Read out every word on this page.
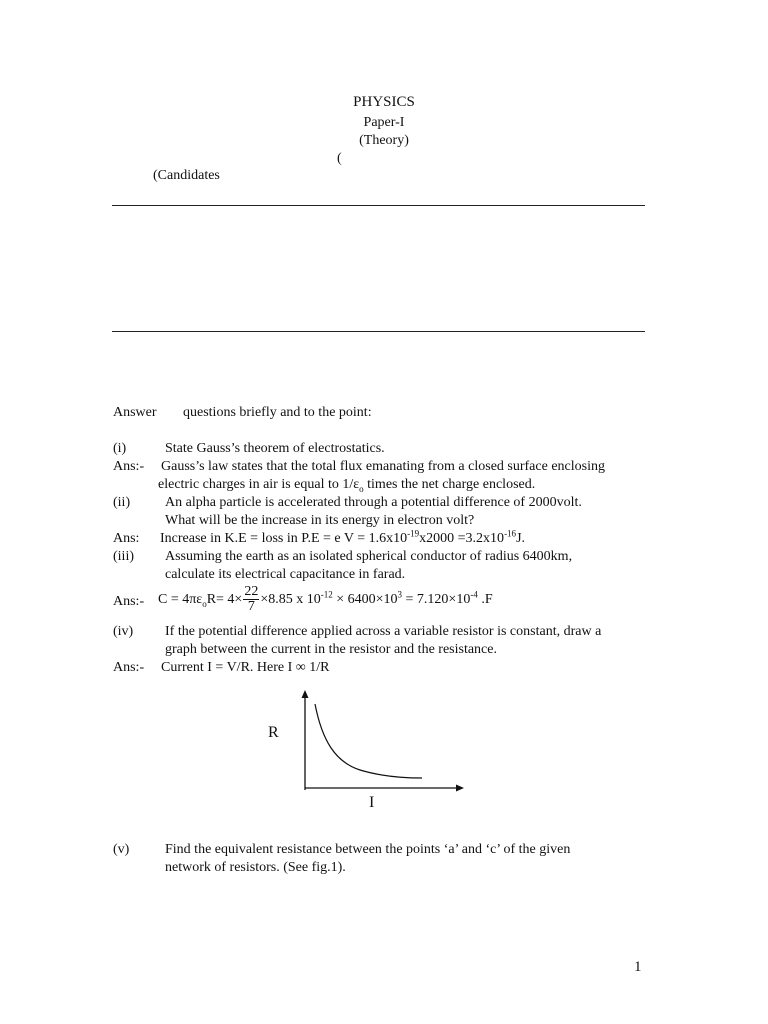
PHYSICS
Paper-I
(Theory)
(
(Candidates
Answer questions briefly and to the point:
(i)	State Gauss’s theorem of electrostatics.
Ans:- Gauss’s law states that the total flux emanating from a closed surface enclosing
electric charges in air is equal to $1/\varepsilon_o$ times the net charge enclosed.
(ii) An alpha particle is accelerated through a potential difference of 2000volt.
What will be the increase in its energy in electron volt?
Ans: Increase in K.E = loss in P.E = e $V = 1.6x10^{-19}x2000 =3.2x10^{-16}J$.
(iii) Assuming the earth as an isolated spherical conductor of radius 6400km,
calculate its electrical capacitance in farad.
Ans:- $C = 4\pi\varepsilon_oR= 4\times \frac{22}{7} \times 8.85$ x $10^{-12} \times 6400\times 10^3 = 7.120\times 10^{-4}$ .F
(iv) If the potential difference applied across a variable resistor is constant, draw a
graph between the current in the resistor and the resistance.
Ans:- Current I = V/R. Here I ∞ 1/R
R
I
(v)	Find the equivalent resistance between the points ‘a’ and ‘c’ of the given
network of resistors. (See fig.1).
1
